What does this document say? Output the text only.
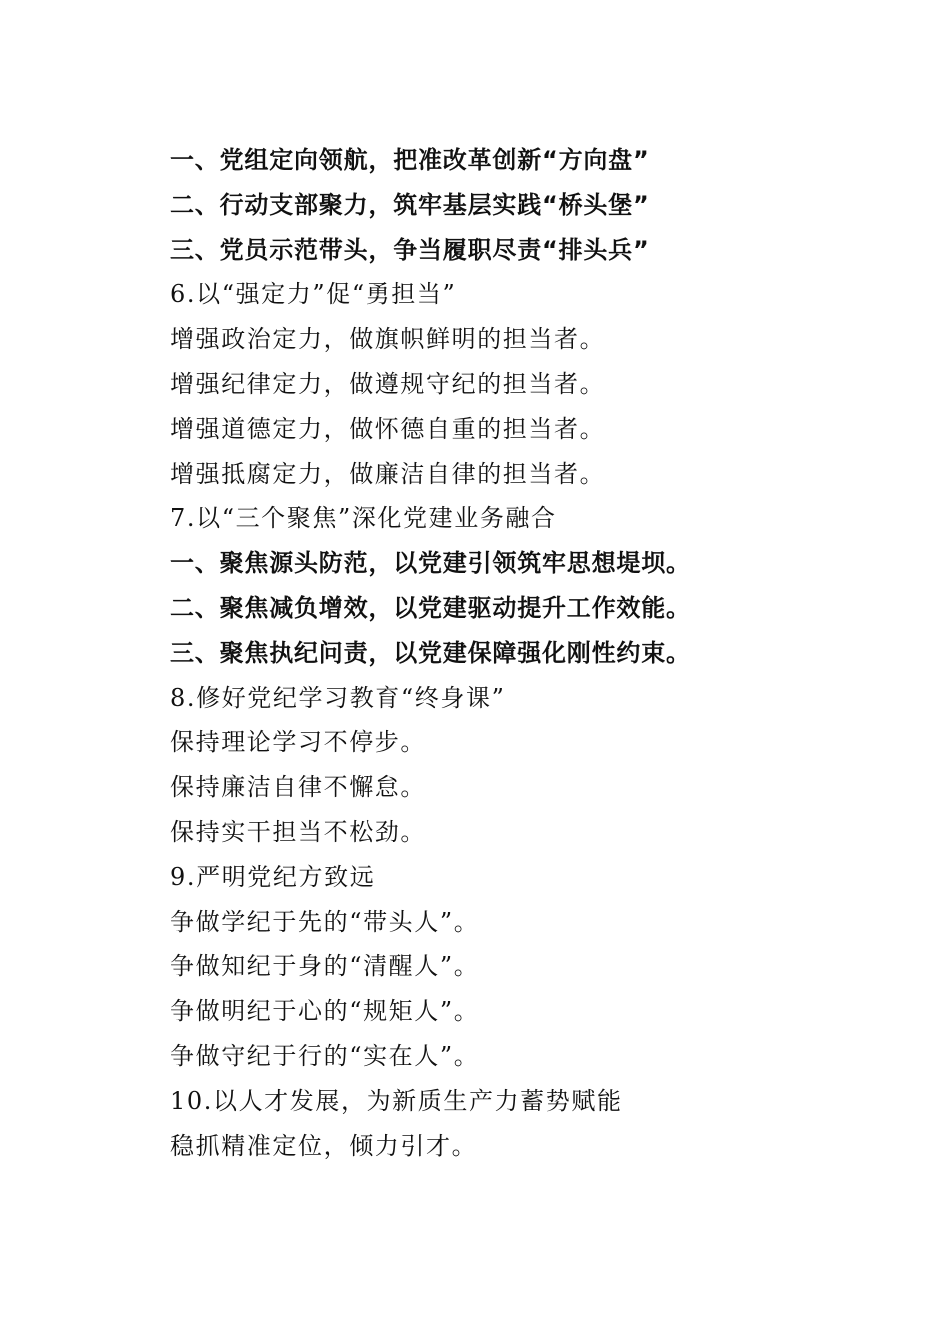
一、党组定向领航，把准改革创新“方向盘”
二、行动支部聚力，筑牢基层实践“桥头堡”
三、党员示范带头，争当履职尽责“排头兵”
6.以“强定力”促“勇担当”
增强政治定力，做旗帜鲜明的担当者。
增强纪律定力，做遵规守纪的担当者。
增强道德定力，做怀德自重的担当者。
增强抵腐定力，做廉洁自律的担当者。
7.以“三个聚焦”深化党建业务融合
一、聚焦源头防范，以党建引领筑牢思想堤坝。
二、聚焦减负增效，以党建驱动提升工作效能。
三、聚焦执纪问责，以党建保障强化刚性约束。
8.修好党纪学习教育“终身课”
保持理论学习不停步。
保持廉洁自律不懈怠。
保持实干担当不松劲。
9.严明党纪方致远
争做学纪于先的“带头人”。
争做知纪于身的“清醒人”。
争做明纪于心的“规矩人”。
争做守纪于行的“实在人”。
10.以人才发展，为新质生产力蓄势赋能
稳抓精准定位，倾力引才。
